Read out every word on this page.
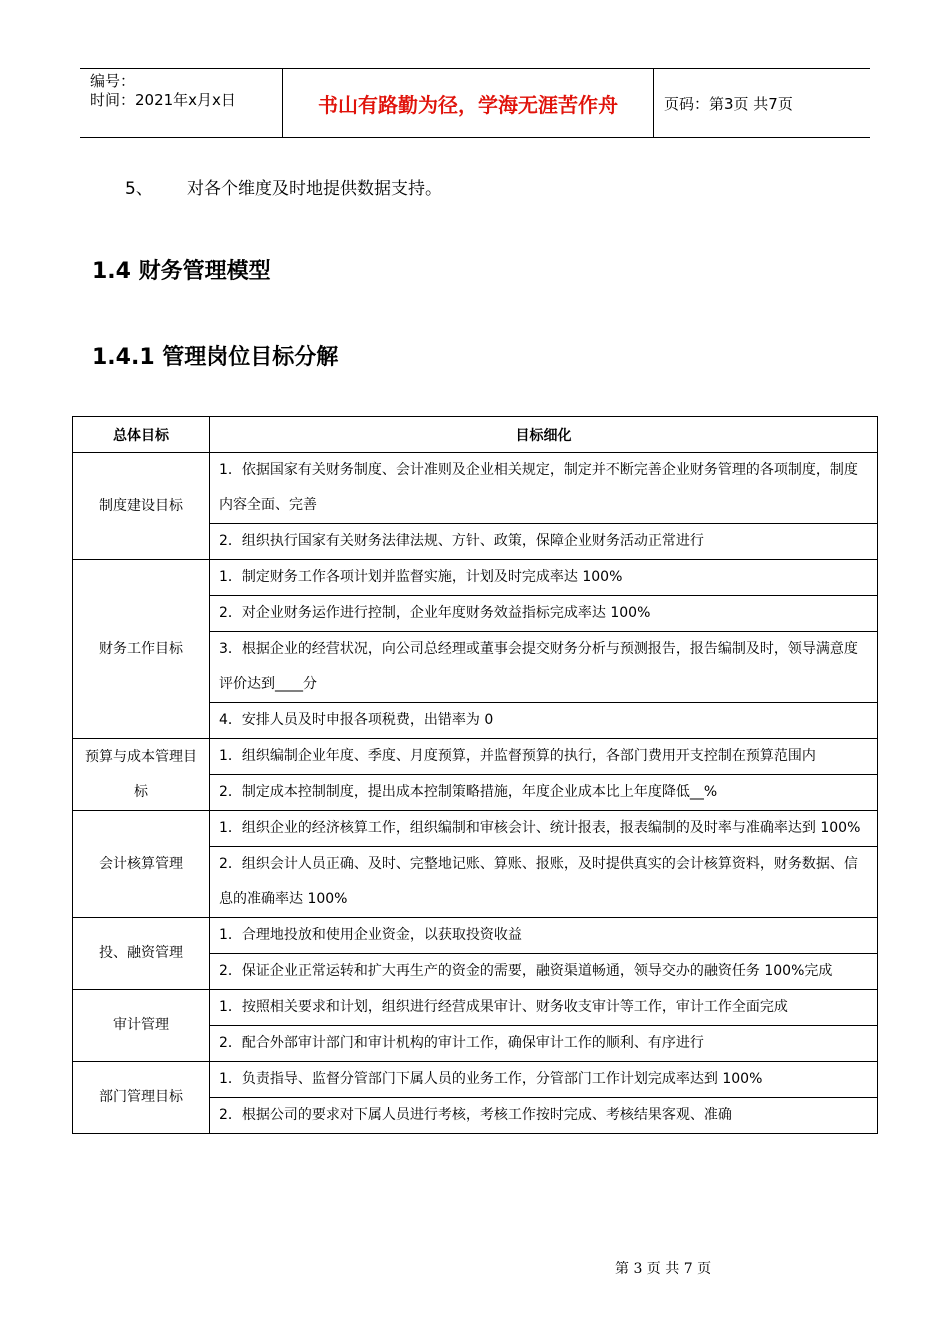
编号：
时间：2021年x月x日	书山有路勤为径，学海无涯苦作舟	页码：第3页 共7页
5、 对各个维度及时地提供数据支持。
1.4 财务管理模型
1.4.1 管理岗位目标分解
总体目标	目标细化
制度建设目标	1．依据国家有关财务制度、会计准则及企业相关规定，制定并不断完善企业财务管理的各项制度，制度内容全面、完善
	2．组织执行国家有关财务法律法规、方针、政策，保障企业财务活动正常进行
财务工作目标	1．制定财务工作各项计划并监督实施，计划及时完成率达 100%
	2．对企业财务运作进行控制，企业年度财务效益指标完成率达 100%
	3．根据企业的经营状况，向公司总经理或董事会提交财务分析与预测报告，报告编制及时，领导满意度评价达到____分
	4．安排人员及时申报各项税费，出错率为 0
预算与成本管理目标	1．组织编制企业年度、季度、月度预算，并监督预算的执行，各部门费用开支控制在预算范围内
	2．制定成本控制制度，提出成本控制策略措施，年度企业成本比上年度降低__%
会计核算管理	1．组织企业的经济核算工作，组织编制和审核会计、统计报表，报表编制的及时率与准确率达到 100%
	2．组织会计人员正确、及时、完整地记账、算账、报账，及时提供真实的会计核算资料，财务数据、信息的准确率达 100%
投、融资管理	1．合理地投放和使用企业资金，以获取投资收益
	2．保证企业正常运转和扩大再生产的资金的需要，融资渠道畅通，领导交办的融资任务 100%完成
审计管理	1．按照相关要求和计划，组织进行经营成果审计、财务收支审计等工作，审计工作全面完成
	2．配合外部审计部门和审计机构的审计工作，确保审计工作的顺利、有序进行
部门管理目标	1．负责指导、监督分管部门下属人员的业务工作，分管部门工作计划完成率达到 100%
	2．根据公司的要求对下属人员进行考核，考核工作按时完成、考核结果客观、准确
第 3 页 共 7 页
